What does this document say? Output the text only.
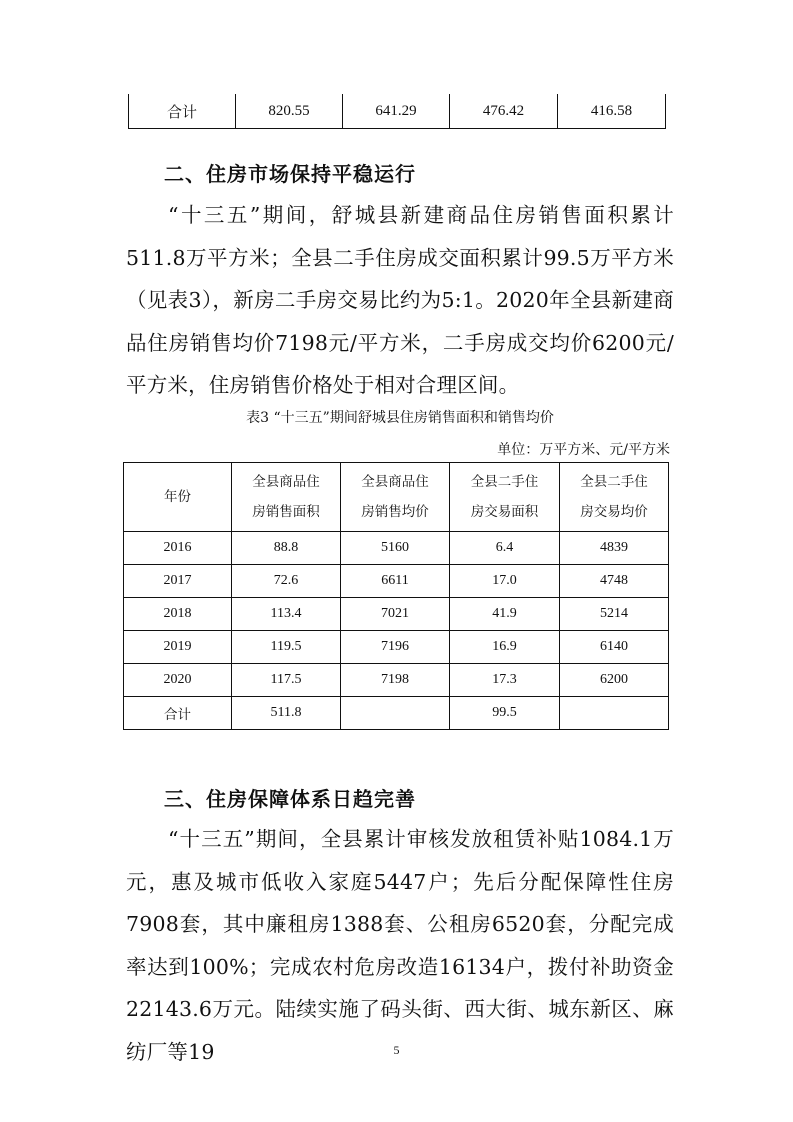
合计	820.55	641.29	476.42	416.58
二、住房市场保持平稳运行

“十三五”期间，舒城县新建商品住房销售面积累计511.8万平方米；全县二手住房成交面积累计99.5万平方米（见表3），新房二手房交易比约为5:1。2020年全县新建商品住房销售均价7198元/平方米，二手房成交均价6200元/平方米，住房销售价格处于相对合理区间。

表3 “十三五”期间舒城县住房销售面积和销售均价
单位：万平方米、元/平方米
年份	全县商品住房销售面积	全县商品住房销售均价	全县二手住房交易面积	全县二手住房交易均价
2016	88.8	5160	6.4	4839
2017	72.6	6611	17.0	4748
2018	113.4	7021	41.9	5214
2019	119.5	7196	16.9	6140
2020	117.5	7198	17.3	6200
合计	511.8		99.5	
三、住房保障体系日趋完善

“十三五”期间，全县累计审核发放租赁补贴1084.1万元，惠及城市低收入家庭5447户；先后分配保障性住房7908套，其中廉租房1388套、公租房6520套，分配完成率达到100%；完成农村危房改造16134户，拨付补助资金22143.6万元。陆续实施了码头街、西大街、城东新区、麻纺厂等19	5
